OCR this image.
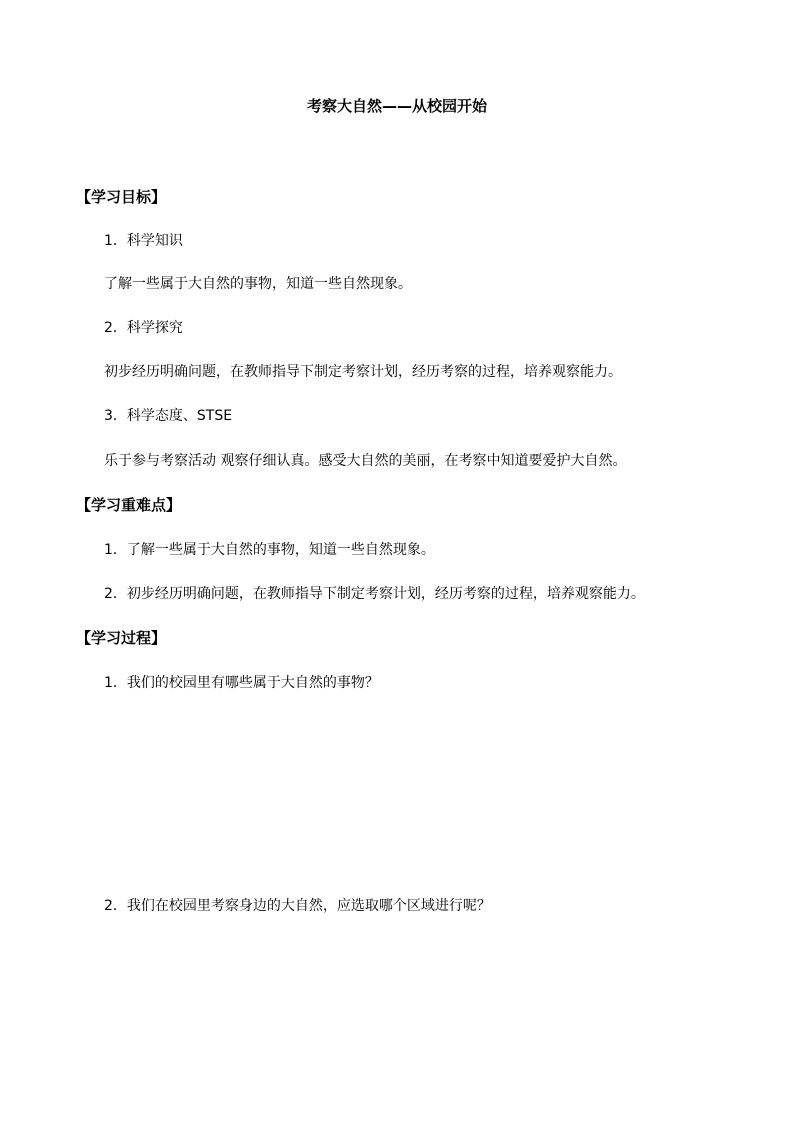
考察大自然——从校园开始
【学习目标】
1．科学知识
了解一些属于大自然的事物，知道一些自然现象。
2．科学探究
初步经历明确问题，在教师指导下制定考察计划，经历考察的过程，培养观察能力。
3．科学态度、STSE
乐于参与考察活动 观察仔细认真。感受大自然的美丽，在考察中知道要爱护大自然。
【学习重难点】
1．了解一些属于大自然的事物，知道一些自然现象。
2．初步经历明确问题，在教师指导下制定考察计划，经历考察的过程，培养观察能力。
【学习过程】
1．我们的校园里有哪些属于大自然的事物？
2．我们在校园里考察身边的大自然，应选取哪个区域进行呢？
